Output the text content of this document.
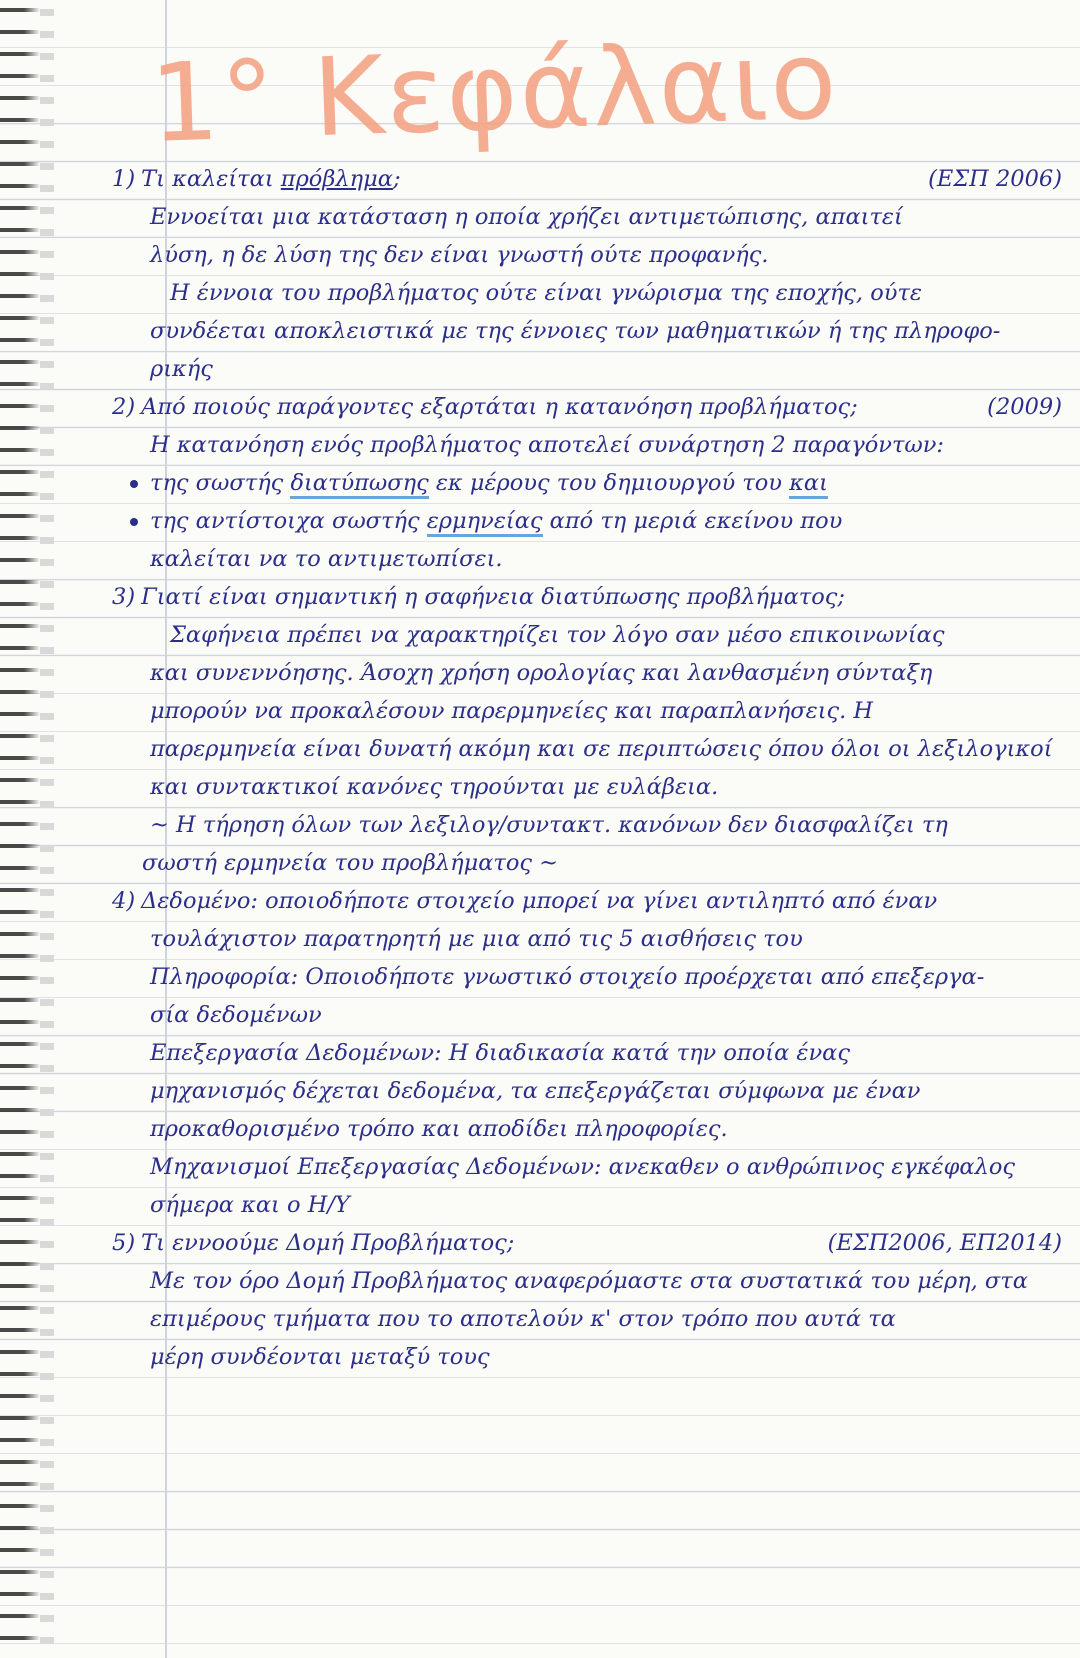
1° Κεφάλαιο
1) Τι καλείται πρόβλημα;	(ΕΣΠ 2006)
Εννοείται μια κατάσταση η οποία χρήζει αντιμετώπισης, απαιτεί
λύση, η δε λύση της δεν είναι γνωστή ούτε προφανής.
Η έννοια του προβλήματος ούτε είναι γνώρισμα της εποχής, ούτε
συνδέεται αποκλειστικά με της έννοιες των μαθηματικών ή της πληροφο-
ρικής
2) Από ποιούς παράγοντες εξαρτάται η κατανόηση προβλήματος;	(2009)
Η κατανόηση ενός προβλήματος αποτελεί συνάρτηση 2 παραγόντων:
της σωστής διατύπωσης εκ μέρους του δημιουργού του και
της αντίστοιχα σωστής ερμηνείας από τη μεριά εκείνου που
καλείται να το αντιμετωπίσει.
3) Γιατί είναι σημαντική η σαφήνεια διατύπωσης προβλήματος;
Σαφήνεια πρέπει να χαρακτηρίζει τον λόγο σαν μέσο επικοινωνίας
και συνεννόησης. Άσοχη χρήση ορολογίας και λανθασμένη σύνταξη
μπορούν να προκαλέσουν παρερμηνείες και παραπλανήσεις. Η
παρερμηνεία είναι δυνατή ακόμη και σε περιπτώσεις όπου όλοι οι λεξιλογικοί
και συντακτικοί κανόνες τηρούνται με ευλάβεια.
~ Η τήρηση όλων των λεξιλογ/συντακτ. κανόνων δεν διασφαλίζει τη
σωστή ερμηνεία του προβλήματος ~
4) Δεδομένο: οποιοδήποτε στοιχείο μπορεί να γίνει αντιληπτό από έναν
τουλάχιστον παρατηρητή με μια από τις 5 αισθήσεις του
Πληροφορία: Οποιοδήποτε γνωστικό στοιχείο προέρχεται από επεξεργα-
σία δεδομένων
Επεξεργασία Δεδομένων: Η διαδικασία κατά την οποία ένας
μηχανισμός δέχεται δεδομένα, τα επεξεργάζεται σύμφωνα με έναν
προκαθορισμένο τρόπο και αποδίδει πληροφορίες.
Μηχανισμοί Επεξεργασίας Δεδομένων: ανεκαθεν ο ανθρώπινος εγκέφαλος
σήμερα και ο Η/Υ
5) Τι εννοούμε Δομή Προβλήματος;	(ΕΣΠ2006, ΕΠ2014)
Με τον όρο Δομή Προβλήματος αναφερόμαστε στα συστατικά του μέρη, στα
επιμέρους τμήματα που το αποτελούν κ' στον τρόπο που αυτά τα
μέρη συνδέονται μεταξύ τους
